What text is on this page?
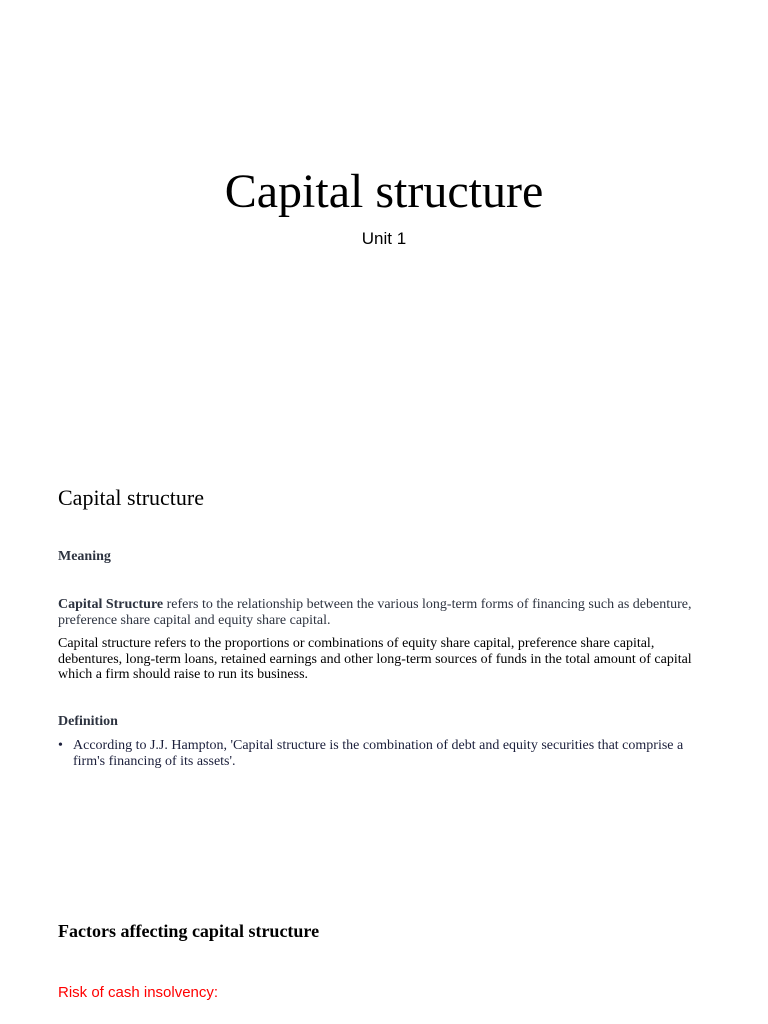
Capital structure
Unit 1
Capital structure
Meaning
Capital Structure refers to the relationship between the various long-term forms of financing such as debenture, preference share capital and equity share capital.
Capital structure refers to the proportions or combinations of equity share capital, preference share capital, debentures, long-term loans, retained earnings and other long-term sources of funds in the total amount of capital which a firm should raise to run its business.
Definition
• According to J.J. Hampton, 'Capital structure is the combination of debt and equity securities that comprise a firm's financing of its assets'.
Factors affecting capital structure
Risk of cash insolvency:
